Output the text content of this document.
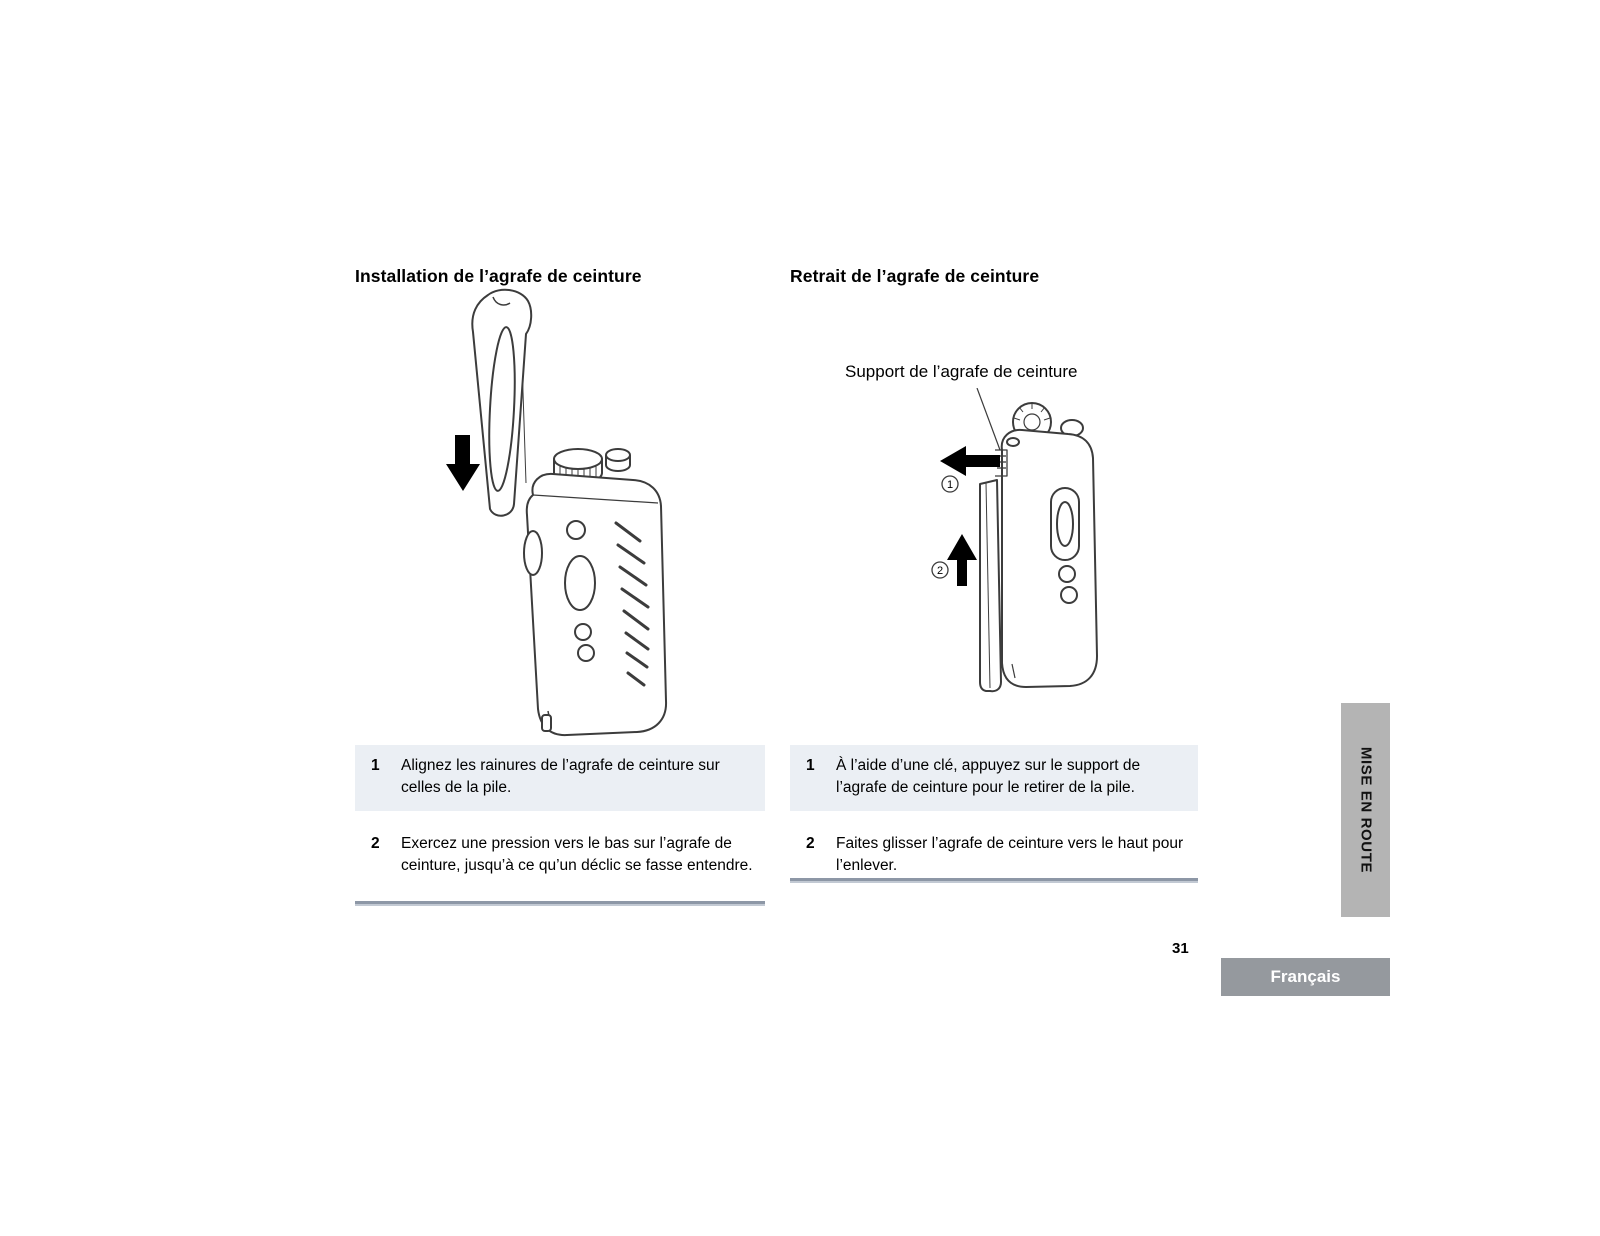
Installation de l’agrafe de ceinture	Retrait de l’agrafe de ceinture
Support de l’agrafe de ceinture
1
2
1	Alignez les rainures de l’agrafe de ceinture sur celles de la pile.
2	Exercez une pression vers le bas sur l’agrafe de ceinture, jusqu’à ce qu’un déclic se fasse entendre.
1	À l’aide d’une clé, appuyez sur le support de l’agrafe de ceinture pour le retirer de la pile.
2	Faites glisser l’agrafe de ceinture vers le haut pour l’enlever.
31
MISE EN ROUTE
Français
